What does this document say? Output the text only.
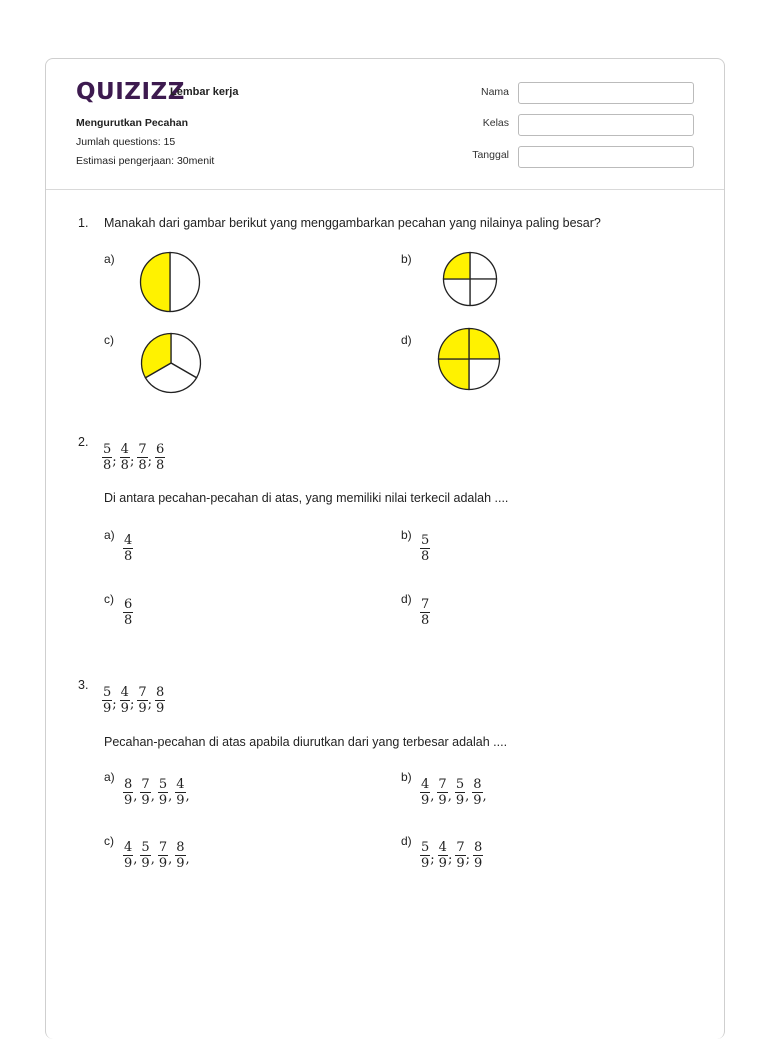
QUIZIZZ
Lembar kerja
Mengurutkan Pecahan
Jumlah questions: 15
Estimasi pengerjaan: 30menit
Nama
Kelas
Tanggal
1. Manakah dari gambar berikut yang menggambarkan pecahan yang nilainya paling besar?
a)	b)
c)	d)
2. $\frac{5}{8}$ ; $\frac{4}{8}$ ; $\frac{7}{8}$ ; $\frac{6}{8}$
Di antara pecahan-pecahan di atas, yang memiliki nilai terkecil adalah ....
$a) \frac{4}{8}$	$b) \frac{5}{8}$
$c) \frac{6}{8}$	$d) \frac{7}{8}$
3. $\frac{5}{9}$ ; $\frac{4}{9}$ ; $\frac{7}{9}$ ; $\frac{8}{9}$
Pecahan-pecahan di atas apabila diurutkan dari yang terbesar adalah ....
$a) \frac{8}{9}$ , $\frac{7}{9}$ , $\frac{5}{9}$ , $\frac{4}{9}$ ,
$b) \frac{4}{9}$ , $\frac{7}{9}$ , $\frac{5}{9}$ , $\frac{8}{9}$ ,
$c) \frac{4}{9}$ , $\frac{5}{9}$ , $\frac{7}{9}$ , $\frac{8}{9}$ ,
$d) \frac{5}{9}$ ; $\frac{4}{9}$ ; $\frac{7}{9}$ ; $\frac{8}{9}$
